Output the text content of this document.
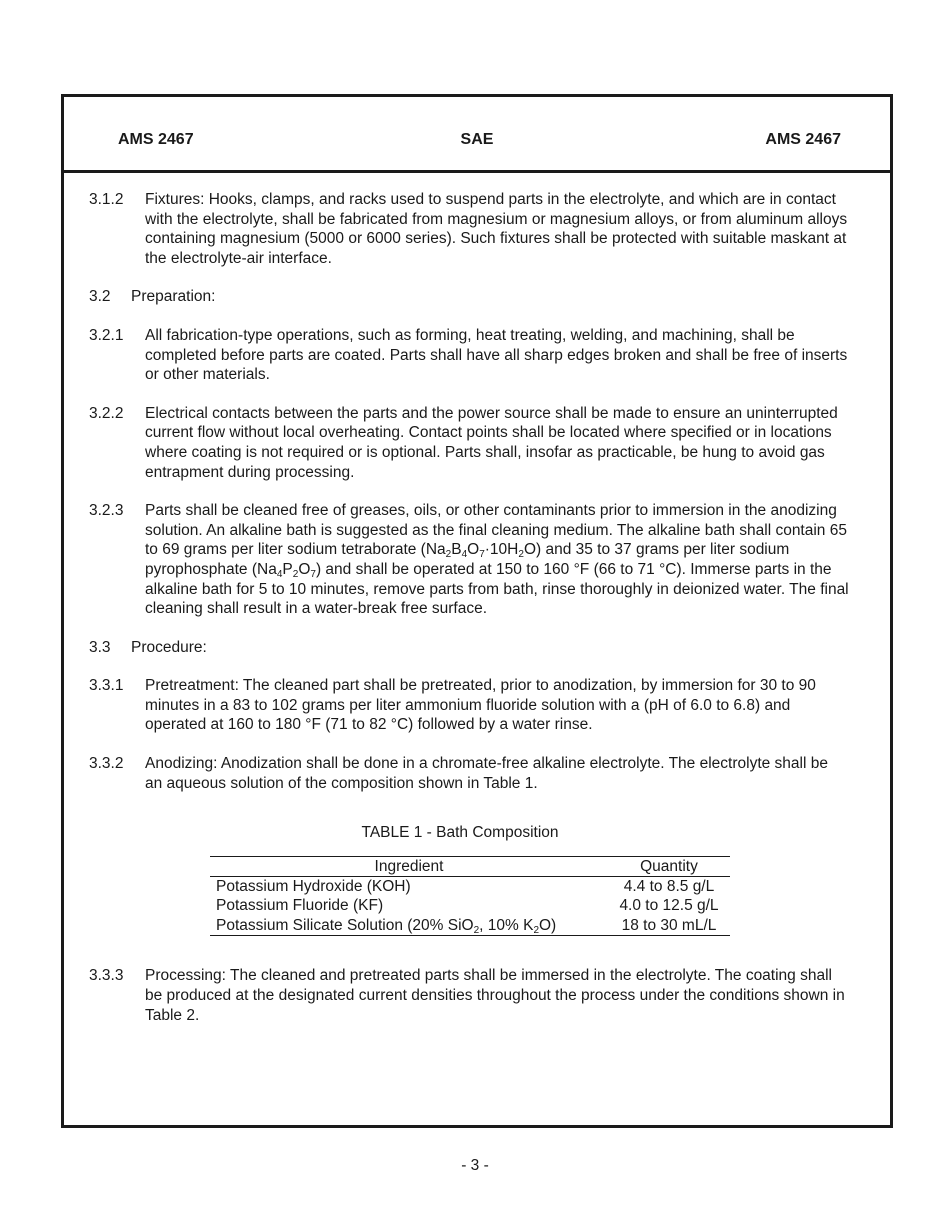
AMS 2467	SAE	AMS 2467
3.1.2 Fixtures: Hooks, clamps, and racks used to suspend parts in the electrolyte, and which are in contact with the electrolyte, shall be fabricated from magnesium or magnesium alloys, or from aluminum alloys containing magnesium (5000 or 6000 series). Such fixtures shall be protected with suitable maskant at the electrolyte-air interface.
3.2 Preparation:
3.2.1 All fabrication-type operations, such as forming, heat treating, welding, and machining, shall be completed before parts are coated. Parts shall have all sharp edges broken and shall be free of inserts or other materials.
3.2.2 Electrical contacts between the parts and the power source shall be made to ensure an uninterrupted current flow without local overheating. Contact points shall be located where specified or in locations where coating is not required or is optional. Parts shall, insofar as practicable, be hung to avoid gas entrapment during processing.
3.2.3 Parts shall be cleaned free of greases, oils, or other contaminants prior to immersion in the anodizing solution. An alkaline bath is suggested as the final cleaning medium. The alkaline bath shall contain 65 to 69 grams per liter sodium tetraborate $(Na_2B_4O_7\cdot 10H_2O)$ and 35 to 37 grams per liter sodium pyrophosphate $(Na_4P_2O_7)$ and shall be operated at 150 to 160 °F (66 to 71 °C). Immerse parts in the alkaline bath for 5 to 10 minutes, remove parts from bath, rinse thoroughly in deionized water. The final cleaning shall result in a water-break free surface.
3.3 Procedure:
3.3.1 Pretreatment: The cleaned part shall be pretreated, prior to anodization, by immersion for 30 to 90 minutes in a 83 to 102 grams per liter ammonium fluoride solution with a (pH of 6.0 to 6.8) and operated at 160 to 180 °F (71 to 82 °C) followed by a water rinse.
3.3.2 Anodizing: Anodization shall be done in a chromate-free alkaline electrolyte. The electrolyte shall be an aqueous solution of the composition shown in Table 1.
TABLE 1 - Bath Composition
Ingredient	Quantity
Potassium Hydroxide (KOH)	4.4 to 8.5 g/L
Potassium Fluoride (KF)	4.0 to 12.5 g/L
Potassium Silicate Solution (20% SiO$_2$, 10% $K_2O$)	18 to 30 mL/L
3.3.3 Processing: The cleaned and pretreated parts shall be immersed in the electrolyte. The coating shall be produced at the designated current densities throughout the process under the conditions shown in Table 2.
- 3 -
